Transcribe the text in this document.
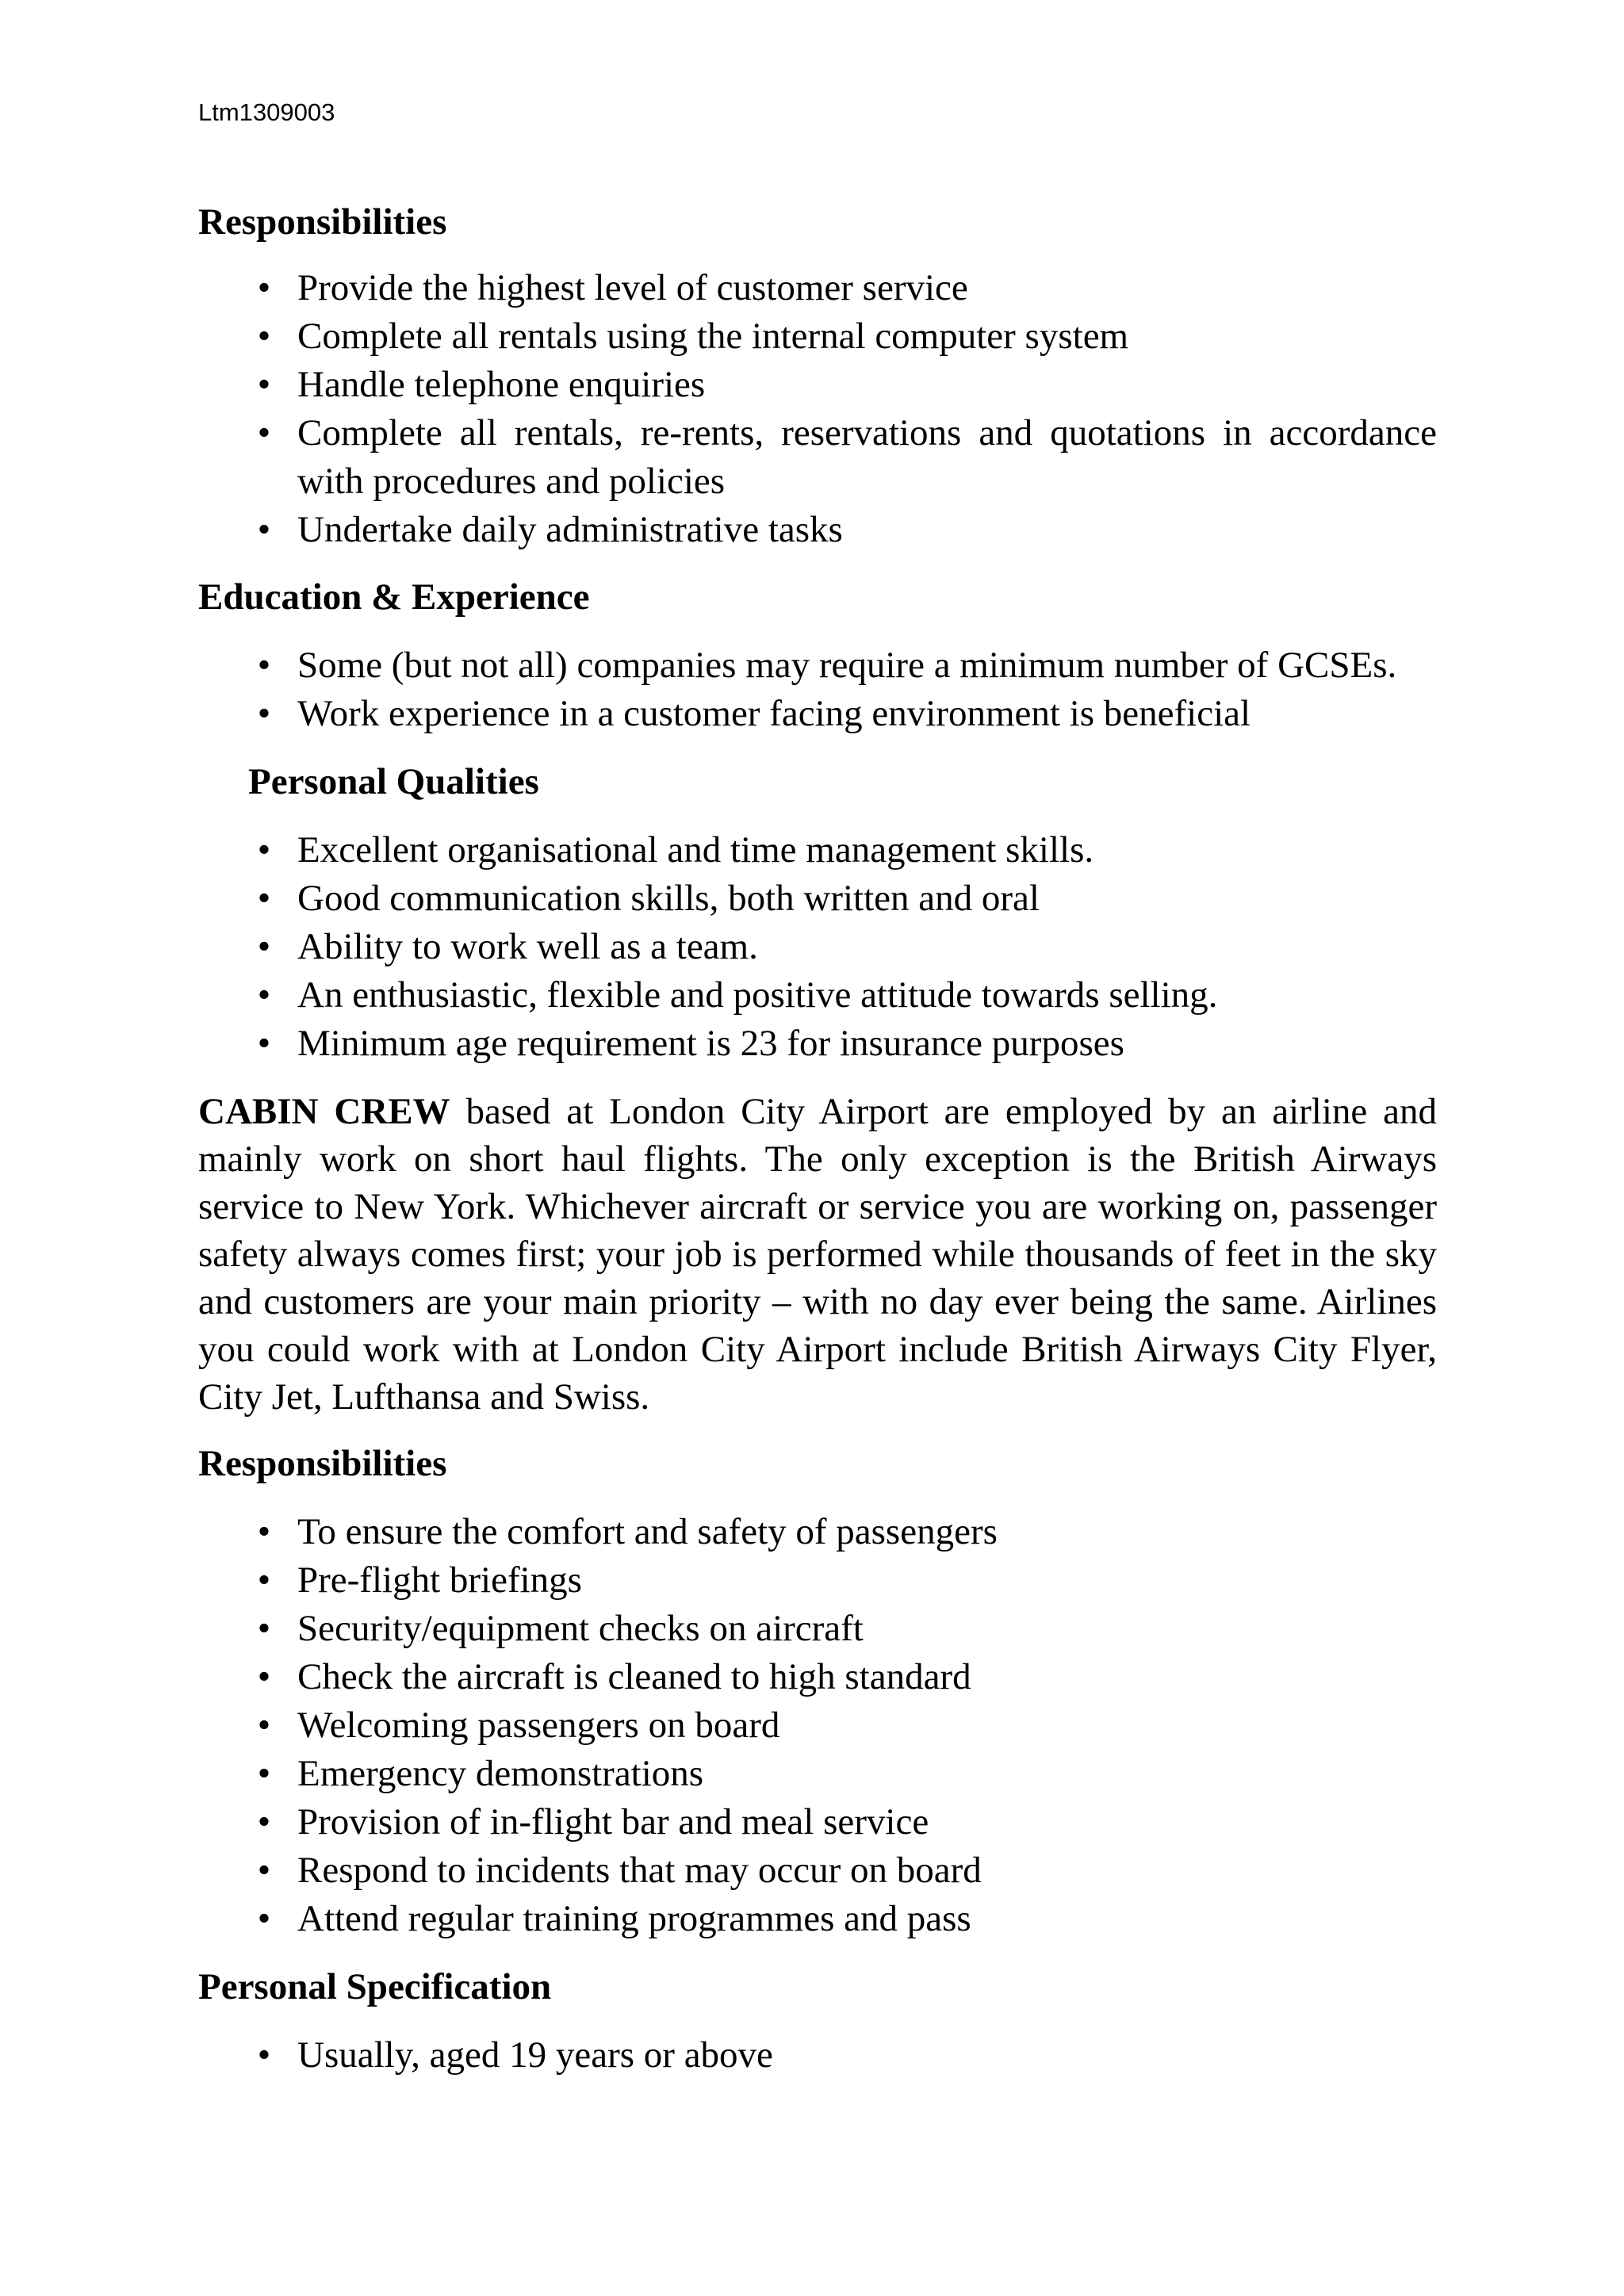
Ltm1309003
Responsibilities
• Provide the highest level of customer service
• Complete all rentals using the internal computer system
• Handle telephone enquiries
• Complete all rentals, re-rents, reservations and quotations in accordance with procedures and policies
• Undertake daily administrative tasks
Education & Experience
• Some (but not all) companies may require a minimum number of GCSEs.
• Work experience in a customer facing environment is beneficial
Personal Qualities
• Excellent organisational and time management skills.
• Good communication skills, both written and oral
• Ability to work well as a team.
• An enthusiastic, flexible and positive attitude towards selling.
• Minimum age requirement is 23 for insurance purposes

CABIN CREW based at London City Airport are employed by an airline and mainly work on short haul flights. The only exception is the British Airways service to New York. Whichever aircraft or service you are working on, passenger safety always comes first; your job is performed while thousands of feet in the sky and customers are your main priority – with no day ever being the same. Airlines you could work with at London City Airport include British Airways City Flyer, City Jet, Lufthansa and Swiss.

Responsibilities
• To ensure the comfort and safety of passengers
• Pre-flight briefings
• Security/equipment checks on aircraft
• Check the aircraft is cleaned to high standard
• Welcoming passengers on board
• Emergency demonstrations
• Provision of in-flight bar and meal service
• Respond to incidents that may occur on board
• Attend regular training programmes and pass
Personal Specification
• Usually, aged 19 years or above
